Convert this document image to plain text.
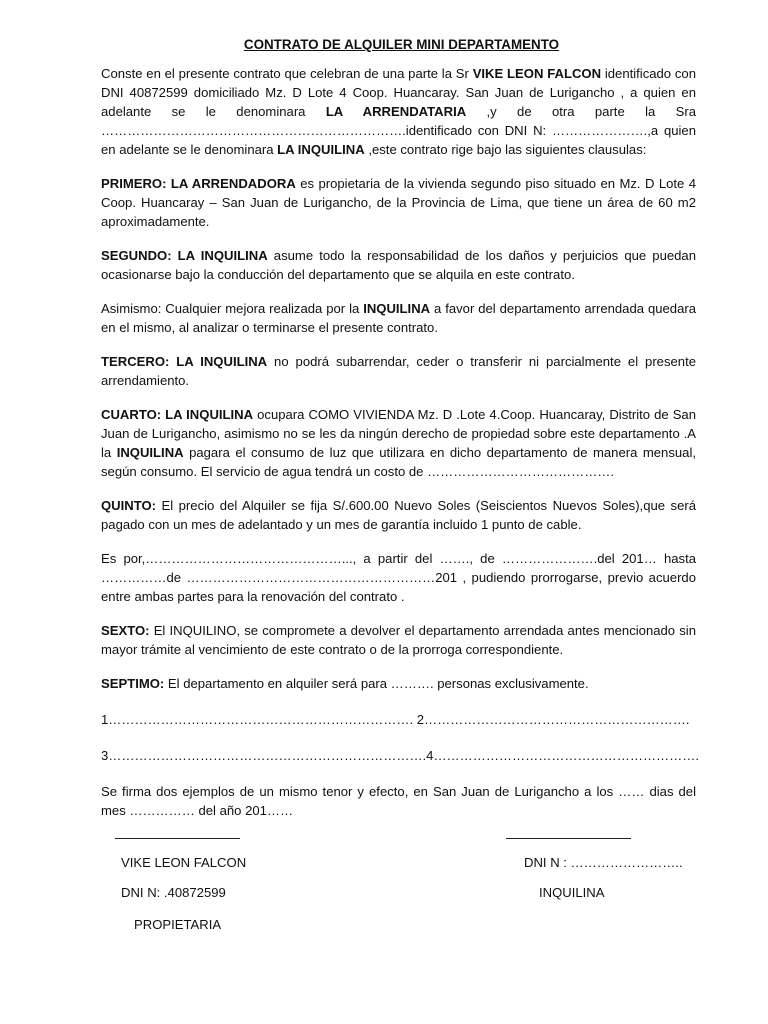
CONTRATO DE ALQUILER MINI DEPARTAMENTO

Conste en el presente contrato que celebran de una parte la Sr VIKE LEON FALCON identificado con DNI 40872599 domiciliado Mz. D Lote 4 Coop. Huancaray. San Juan de Lurigancho , a quien en adelante se le denominara LA ARRENDATARIA ,y de otra parte la Sra …………………………………………………………….identificado con DNI N: ………………….,a quien en adelante se le denominara LA INQUILINA ,este contrato rige bajo las siguientes clausulas:

PRIMERO: LA ARRENDADORA es propietaria de la vivienda segundo piso situado en Mz. D Lote 4 Coop. Huancaray – San Juan de Lurigancho, de la Provincia de Lima, que tiene un área de 60 m2 aproximadamente.

SEGUNDO: LA INQUILINA asume todo la responsabilidad de los daños y perjuicios que puedan ocasionarse bajo la conducción del departamento que se alquila en este contrato.

Asimismo: Cualquier mejora realizada por la INQUILINA a favor del departamento arrendada quedara en el mismo, al analizar o terminarse el presente contrato.

TERCERO: LA INQUILINA no podrá subarrendar, ceder o transferir ni parcialmente el presente arrendamiento.

CUARTO: LA INQUILINA ocupara COMO VIVIENDA Mz. D .Lote 4.Coop. Huancaray, Distrito de San Juan de Lurigancho, asimismo no se les da ningún derecho de propiedad sobre este departamento .A la INQUILINA pagara el consumo de luz que utilizara en dicho departamento de manera mensual, según consumo. El servicio de agua tendrá un costo de …………………………………….

QUINTO: El precio del Alquiler se fija S/.600.00 Nuevo Soles (Seiscientos Nuevos Soles),que será pagado con un mes de adelantado y un mes de garantía incluido 1 punto de cable.

Es por,………………………………………..., a partir del ……., de ………………….del 201… hasta ……………de …………………………………………………201 , pudiendo prorrogarse, previo acuerdo entre ambas partes para la renovación del contrato .

SEXTO: El INQUILINO, se compromete a devolver el departamento arrendada antes mencionado sin mayor trámite al vencimiento de este contrato o de la prorroga correspondiente.

SEPTIMO: El departamento en alquiler será para ………. personas exclusivamente.

1……………………………………………………………. 2…………………………………………………….

3……………………………………………………………….4…………………………………………………….

Se firma dos ejemplos de un mismo tenor y efecto, en San Juan de Lurigancho a los …… dias del mes …………… del año 201……

VIKE LEON FALCON
DNI N: .40872599
PROPIETARIA
DNI N : ……………………..
INQUILINA
